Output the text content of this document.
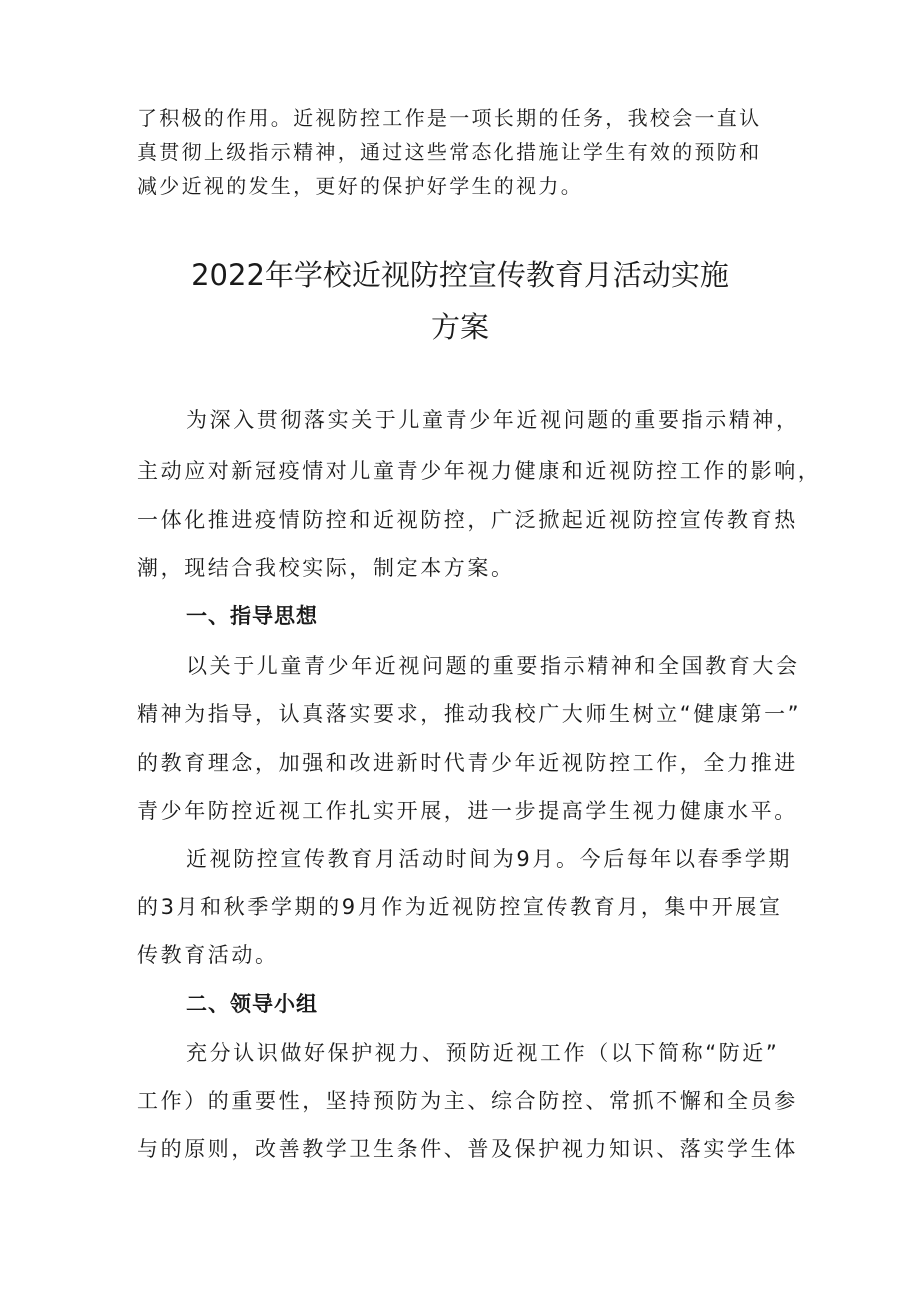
了积极的作用。近视防控工作是一项长期的任务，我校会一直认
真贯彻上级指示精神，通过这些常态化措施让学生有效的预防和
减少近视的发生，更好的保护好学生的视力。
2022年学校近视防控宣传教育月活动实施
方案
为深入贯彻落实关于儿童青少年近视问题的重要指示精神，
主动应对新冠疫情对儿童青少年视力健康和近视防控工作的影响，
一体化推进疫情防控和近视防控，广泛掀起近视防控宣传教育热
潮，现结合我校实际，制定本方案。
一、指导思想
以关于儿童青少年近视问题的重要指示精神和全国教育大会
精神为指导，认真落实要求，推动我校广大师生树立“健康第一”
的教育理念，加强和改进新时代青少年近视防控工作，全力推进
青少年防控近视工作扎实开展，进一步提高学生视力健康水平。
近视防控宣传教育月活动时间为9月。今后每年以春季学期
的3月和秋季学期的9月作为近视防控宣传教育月，集中开展宣
传教育活动。
二、领导小组
充分认识做好保护视力、预防近视工作（以下简称“防近”
工作）的重要性，坚持预防为主、综合防控、常抓不懈和全员参
与的原则，改善教学卫生条件、普及保护视力知识、落实学生体
